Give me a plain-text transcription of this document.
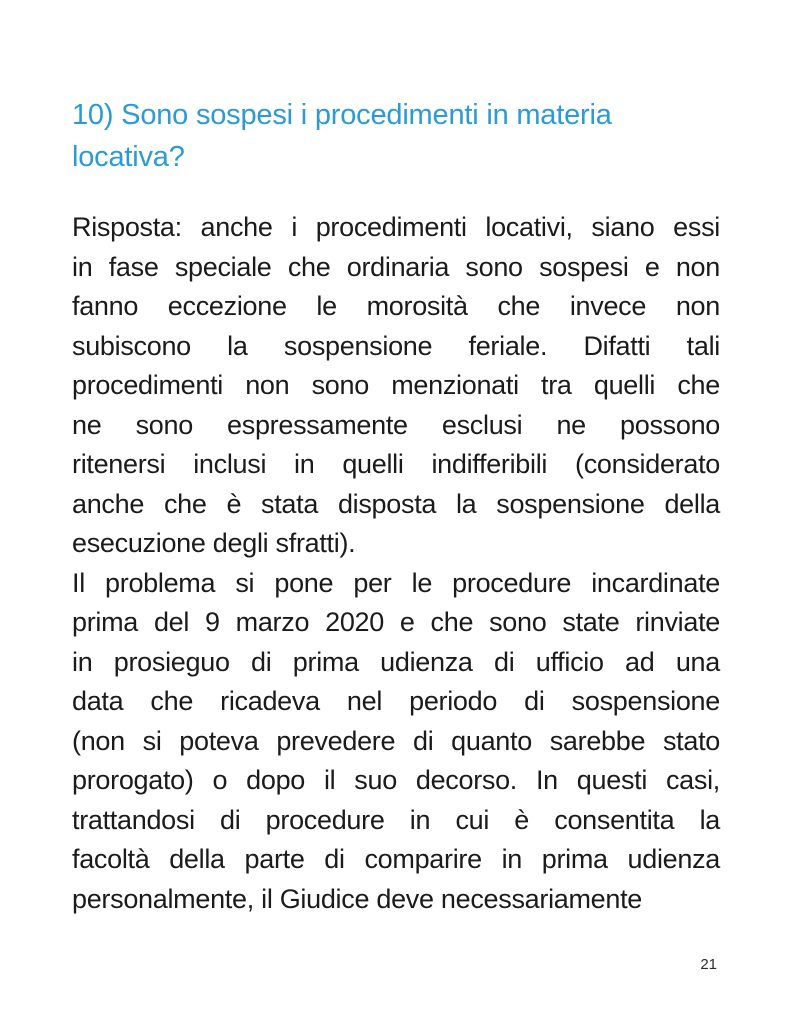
10) Sono sospesi i procedimenti in materia locativa?
Risposta: anche i procedimenti locativi, siano essi
in fase speciale che ordinaria sono sospesi e non
fanno eccezione le morosità che invece non
subiscono la sospensione feriale. Difatti tali
procedimenti non sono menzionati tra quelli che
ne sono espressamente esclusi ne possono
ritenersi inclusi in quelli indifferibili (considerato
anche che è stata disposta la sospensione della
esecuzione degli sfratti).
Il problema si pone per le procedure incardinate
prima del 9 marzo 2020 e che sono state rinviate
in prosieguo di prima udienza di ufficio ad una
data che ricadeva nel periodo di sospensione
(non si poteva prevedere di quanto sarebbe stato
prorogato) o dopo il suo decorso. In questi casi,
trattandosi di procedure in cui è consentita la
facoltà della parte di comparire in prima udienza
personalmente, il Giudice deve necessariamente
21
